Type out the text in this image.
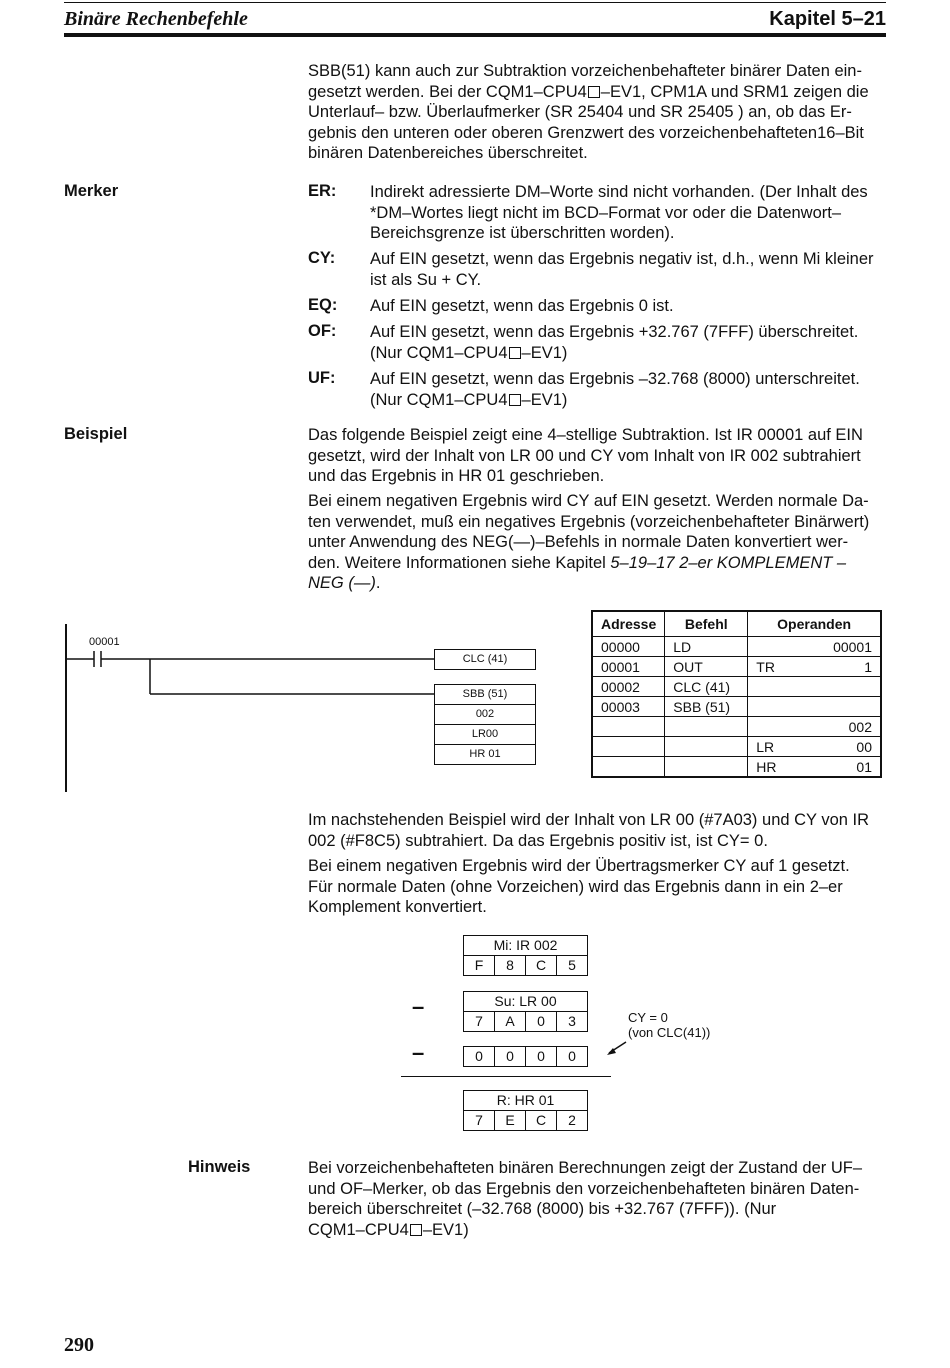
Binäre Rechenbefehle	Kapitel 5–21
SBB(51) kann auch zur Subtraktion vorzeichenbehafteter binärer Daten ein-
gesetzt werden. Bei der CQM1–CPU4 –EV1, CPM1A und SRM1 zeigen die
Unterlauf– bzw. Überlaufmerker (SR 25404 und SR 25405 ) an, ob das Er-
gebnis den unteren oder oberen Grenzwert des vorzeichenbehafteten16–Bit
binären Datenbereiches überschreitet.
Merker	ER: Indirekt adressierte DM–Worte sind nicht vorhanden. (Der Inhalt des
*DM–Wortes liegt nicht im BCD–Format vor oder die Datenwort–
Bereichsgrenze ist überschritten worden).
CY: Auf EIN gesetzt, wenn das Ergebnis negativ ist, d.h., wenn Mi kleiner
ist als Su + CY.
EQ: Auf EIN gesetzt, wenn das Ergebnis 0 ist.
OF: Auf EIN gesetzt, wenn das Ergebnis +32.767 (7FFF) überschreitet.
(Nur CQM1–CPU4 –EV1)
UF: Auf EIN gesetzt, wenn das Ergebnis –32.768 (8000) unterschreitet.
(Nur CQM1–CPU4 –EV1)
Beispiel	Das folgende Beispiel zeigt eine 4–stellige Subtraktion. Ist IR 00001 auf EIN
gesetzt, wird der Inhalt von LR 00 und CY vom Inhalt von IR 002 subtrahiert
und das Ergebnis in HR 01 geschrieben.
Bei einem negativen Ergebnis wird CY auf EIN gesetzt. Werden normale Da-
ten verwendet, muß ein negatives Ergebnis (vorzeichenbehafteter Binärwert)
unter Anwendung des NEG(—)–Befehls in normale Daten konvertiert wer-
den. Weitere Informationen siehe Kapitel 5–19–17 2–er KOMPLEMENT –
NEG (—).
00001
CLC (41)
SBB (51)
002
LR00
HR 01
Adresse	Befehl	Operanden	
00000	LD		00001
00001	OUT	TR	1
00002	CLC (41)		
00003	SBB (51)		
			002
		LR	00
		HR	01
Im nachstehenden Beispiel wird der Inhalt von LR 00 (#7A03) und CY von IR
002 (#F8C5) subtrahiert. Da das Ergebnis positiv ist, ist CY= 0.
Bei einem negativen Ergebnis wird der Übertragsmerker CY auf 1 gesetzt.
Für normale Daten (ohne Vorzeichen) wird das Ergebnis dann in ein 2–er
Komplement konvertiert.
Mi: IR 002
F	8	C	5
–	Su: LR 00
7	A	0	3	CY = 0
(von CLC(41))
–	0	0	0	0
R: HR 01
7	E	C	2
Hinweis	Bei vorzeichenbehafteten binären Berechnungen zeigt der Zustand der UF–
und OF–Merker, ob das Ergebnis den vorzeichenbehafteten binären Daten-
bereich überschreitet (–32.768 (8000) bis +32.767 (7FFF)). (Nur
CQM1–CPU4 –EV1)
290
